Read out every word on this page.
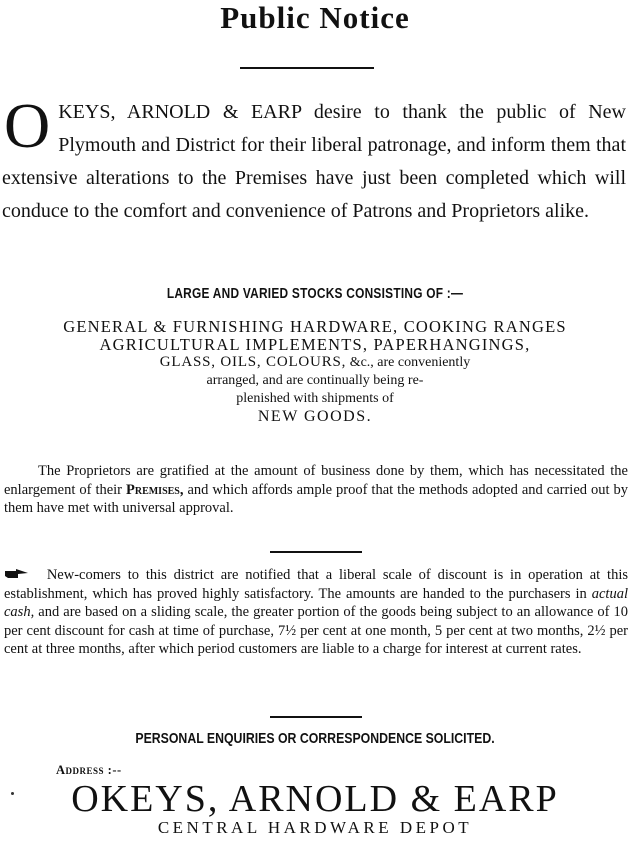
Public Notice
O KEYS, ARNOLD & EARP desire to thank the public of New Plymouth and District for their liberal patronage, and inform them that extensive alterations to the Premises have just been completed which will conduce to the comfort and convenience of Patrons and Proprietors alike.
LARGE AND VARIED STOCKS CONSISTING OF :—

GENERAL & FURNISHING HARDWARE, COOKING RANGES

AGRICULTURAL IMPLEMENTS, PAPERHANGINGS,

GLASS, OILS, COLOURS, &c., are conveniently

arranged, and are continually being re-

plenished with shipments of

NEW GOODS.

The Proprietors are gratified at the amount of business done by them, which has necessitated the enlargement of their Premises, and which affords ample proof that the methods adopted and carried out by them have met with universal approval.
New-comers to this district are notified that a liberal scale of discount is in operation at this establishment, which has proved highly satisfactory. The amounts are handed to the purchasers in actual cash, and are based on a sliding scale, the greater portion of the goods being subject to an allowance of 10 per cent discount for cash at time of purchase, 7½ per cent at one month, 5 per cent at two months, 2½ per cent at three months, after which period customers are liable to a charge for interest at current rates.
PERSONAL ENQUIRIES OR CORRESPONDENCE SOLICITED.
Address :--
OKEYS, ARNOLD & EARP
CENTRAL HARDWARE DEPOT
